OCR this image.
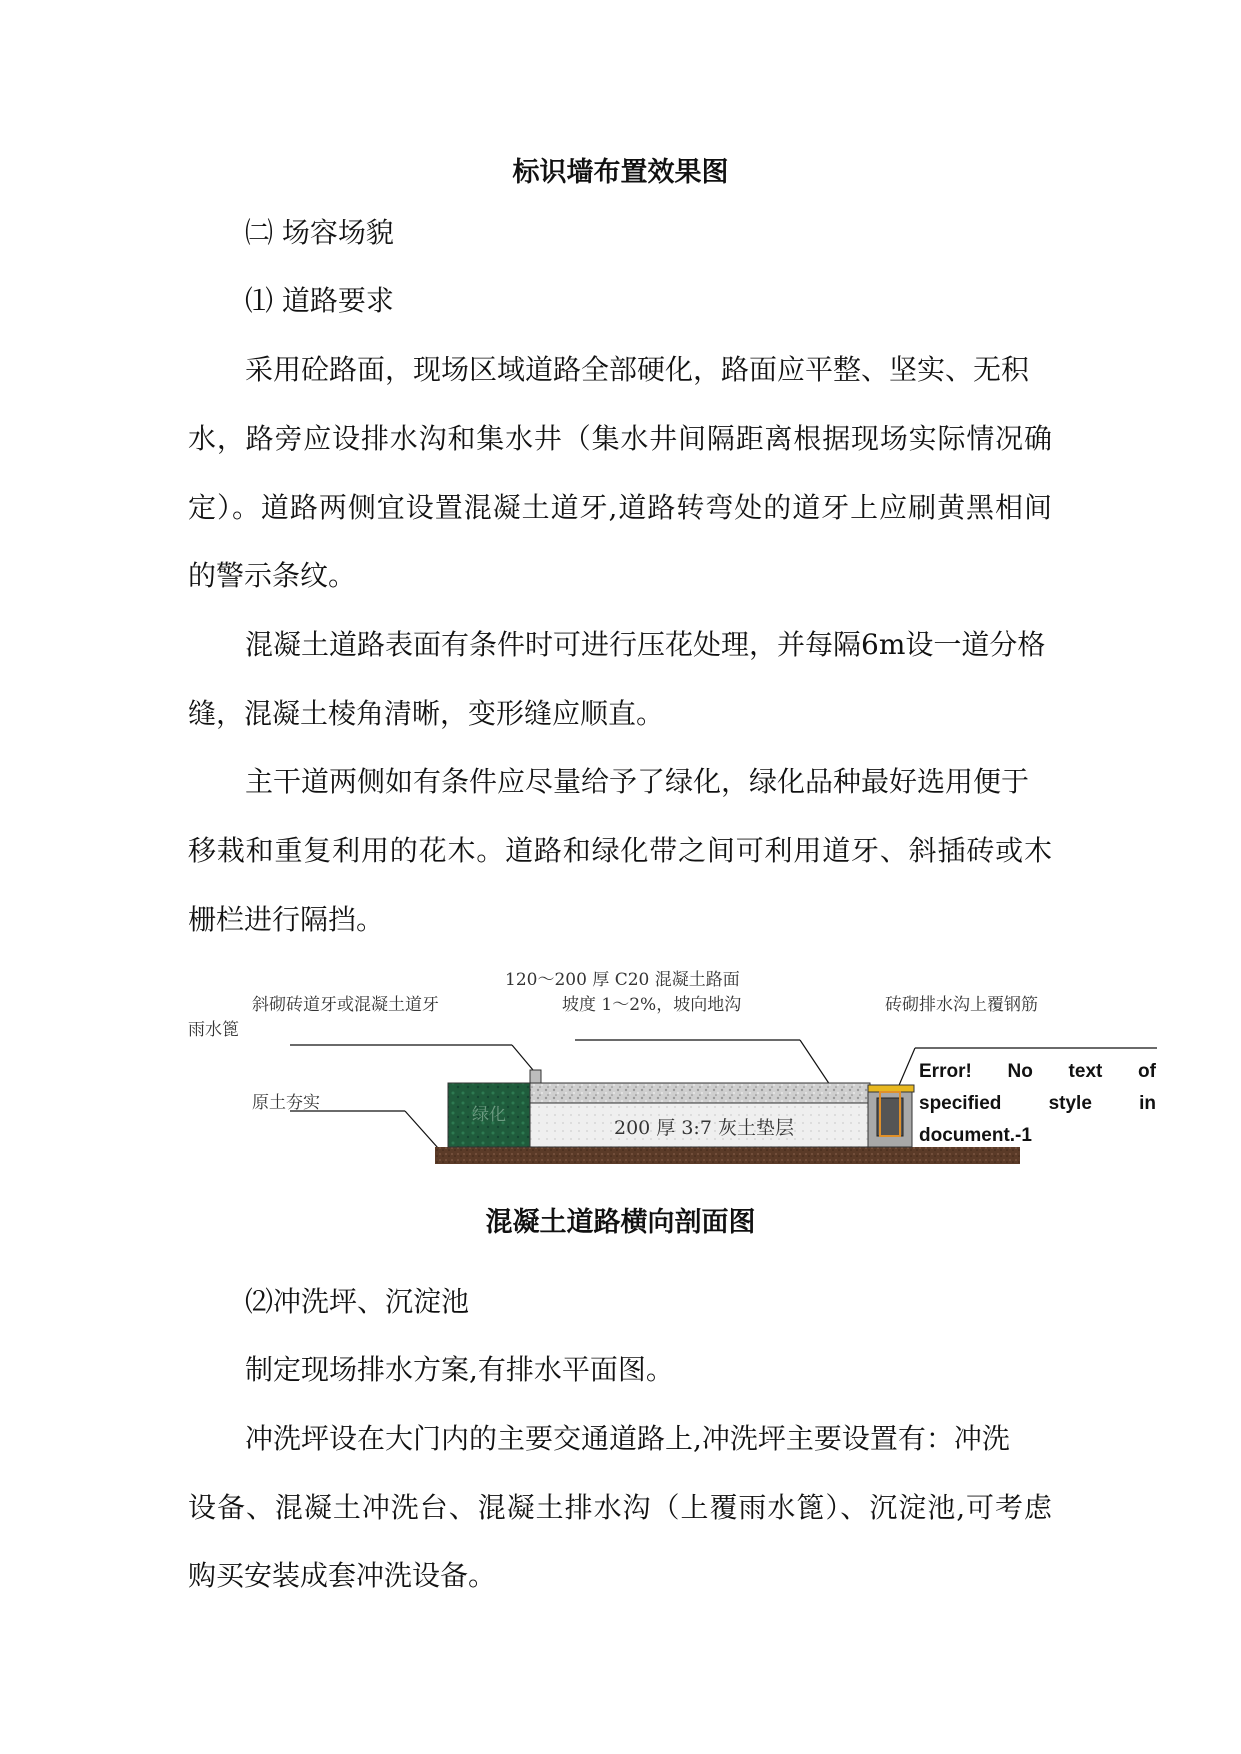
标识墙布置效果图
㈡ 场容场貌
⑴ 道路要求
采用砼路面，现场区域道路全部硬化，路面应平整、坚实、无积
水，路旁应设排水沟和集水井（集水井间隔距离根据现场实际情况确
定）。道路两侧宜设置混凝土道牙,道路转弯处的道牙上应刷黄黑相间
的警示条纹。
混凝土道路表面有条件时可进行压花处理，并每隔6m设一道分格
缝，混凝土棱角清晰，变形缝应顺直。
主干道两侧如有条件应尽量给予了绿化，绿化品种最好选用便于
移栽和重复利用的花木。道路和绿化带之间可利用道牙、斜插砖或木
栅栏进行隔挡。
120～200 厚 C20 混凝土路面
坡度 1～2%，坡向地沟
斜砌砖道牙或混凝土道牙
雨水篦
砖砌排水沟上覆钢筋
原土夯实
绿化
200 厚 3:7 灰土垫层
Error! No text of
specified style in
document.-1
混凝土道路横向剖面图
⑵冲洗坪、沉淀池
制定现场排水方案,有排水平面图。
冲洗坪设在大门内的主要交通道路上,冲洗坪主要设置有：冲洗
设备、混凝土冲洗台、混凝土排水沟（上覆雨水篦）、沉淀池,可考虑
购买安装成套冲洗设备。
